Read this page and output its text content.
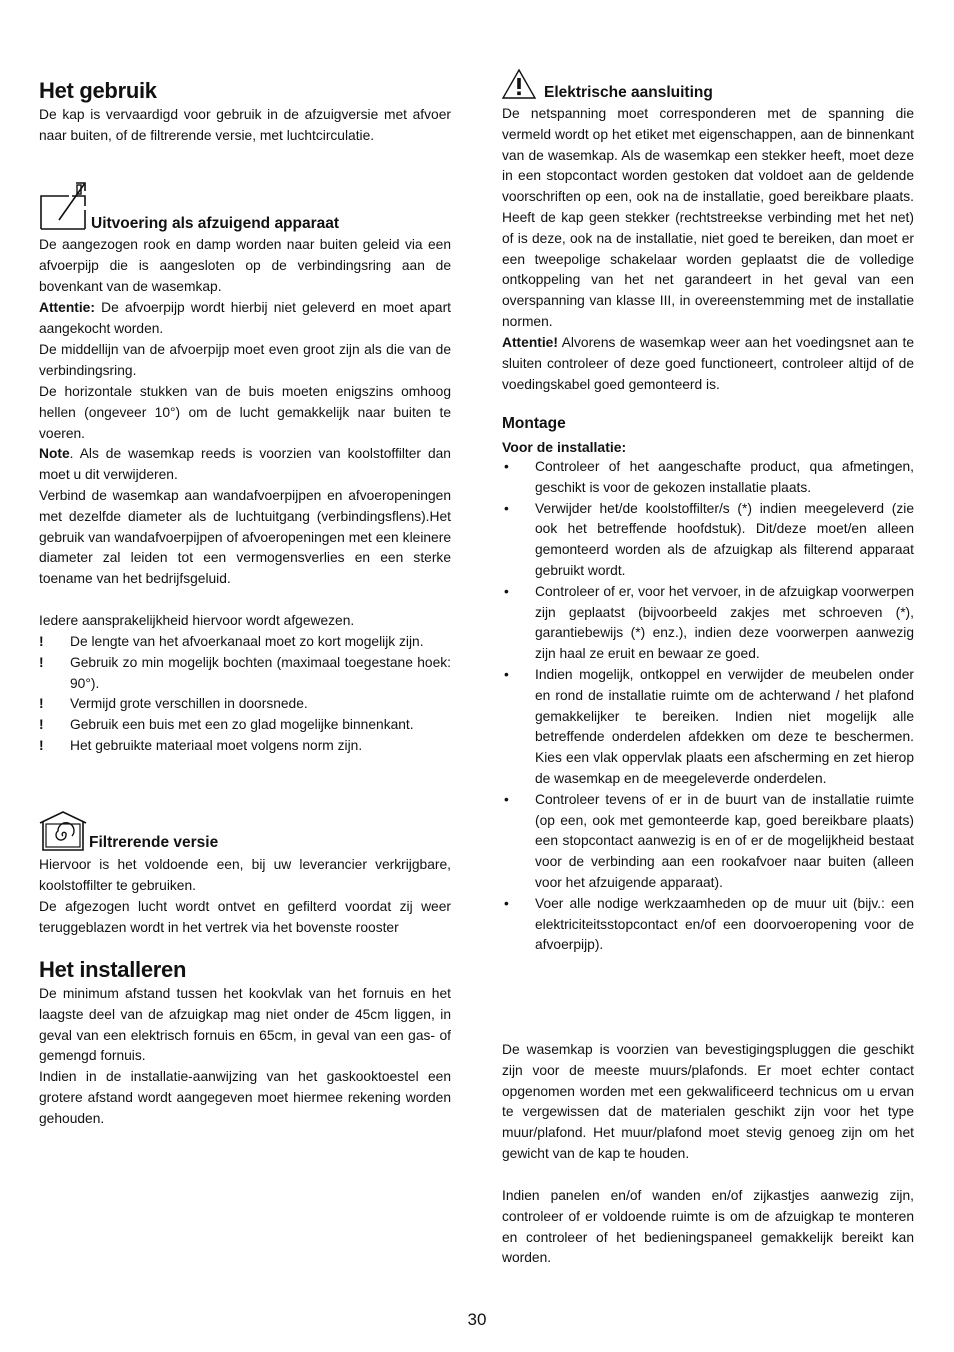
Het gebruik

De kap is vervaardigd voor gebruik in de afzuigversie met afvoer naar buiten, of de filtrerende versie, met luchtcirculatie.

Uitvoering als afzuigend apparaat

De aangezogen rook en damp worden naar buiten geleid via een afvoerpijp die is aangesloten op de verbindingsring aan de bovenkant van de wasemkap.

Attentie: De afvoerpijp wordt hierbij niet geleverd en moet apart aangekocht worden.

De middellijn van de afvoerpijp moet even groot zijn als die van de verbindingsring.

De horizontale stukken van de buis moeten enigszins omhoog hellen (ongeveer 10°) om de lucht gemakkelijk naar buiten te voeren.

Note. Als de wasemkap reeds is voorzien van koolstoffilter dan moet u dit verwijderen.

Verbind de wasemkap aan wandafvoerpijpen en afvoeropeningen met dezelfde diameter als de luchtuitgang (verbindingsflens).Het gebruik van wandafvoerpijpen of afvoeropeningen met een kleinere diameter zal leiden tot een vermogensverlies en een sterke toename van het bedrijfsgeluid.

Iedere aansprakelijkheid hiervoor wordt afgewezen.

!	De lengte van het afvoerkanaal moet zo kort mogelijk zijn.
!	Gebruik zo min mogelijk bochten (maximaal toegestane hoek: 90°).
!	Vermijd grote verschillen in doorsnede.
!	Gebruik een buis met een zo glad mogelijke binnenkant.
!	Het gebruikte materiaal moet volgens norm zijn.
Filtrerende versie

Hiervoor is het voldoende een, bij uw leverancier verkrijgbare, koolstoffilter te gebruiken.

De afgezogen lucht wordt ontvet en gefilterd voordat zij weer teruggeblazen wordt in het vertrek via het bovenste rooster

Het installeren

De minimum afstand tussen het kookvlak van het fornuis en het laagste deel van de afzuigkap mag niet onder de 45cm liggen, in geval van een elektrisch fornuis en 65cm, in geval van een gas- of gemengd fornuis.

Indien in de installatie-aanwijzing van het gaskooktoestel een grotere afstand wordt aangegeven moet hiermee rekening worden gehouden.

Elektrische aansluiting

De netspanning moet corresponderen met de spanning die vermeld wordt op het etiket met eigenschappen, aan de binnenkant van de wasemkap. Als de wasemkap een stekker heeft, moet deze in een stopcontact worden gestoken dat voldoet aan de geldende voorschriften op een, ook na de installatie, goed bereikbare plaats. Heeft de kap geen stekker (rechtstreekse verbinding met het net) of is deze, ook na de installatie, niet goed te bereiken, dan moet er een tweepolige schakelaar worden geplaatst die de volledige ontkoppeling van het net garandeert in het geval van een overspanning van klasse III, in overeenstemming met de installatie normen.

Attentie! Alvorens de wasemkap weer aan het voedingsnet aan te sluiten controleer of deze goed functioneert, controleer altijd of de voedingskabel goed gemonteerd is.

Montage
Voor de installatie:
•	Controleer of het aangeschafte product, qua afmetingen, geschikt is voor de gekozen installatie plaats.
•	Verwijder het/de koolstoffilter/s (*) indien meegeleverd (zie ook het betreffende hoofdstuk). Dit/deze moet/en alleen gemonteerd worden als de afzuigkap als filterend apparaat gebruikt wordt.
•	Controleer of er, voor het vervoer, in de afzuigkap voorwerpen zijn geplaatst (bijvoorbeeld zakjes met schroeven (*), garantiebewijs (*) enz.), indien deze voorwerpen aanwezig zijn haal ze eruit en bewaar ze goed.
•	Indien mogelijk, ontkoppel en verwijder de meubelen onder en rond de installatie ruimte om de achterwand / het plafond gemakkelijker te bereiken. Indien niet mogelijk alle betreffende onderdelen afdekken om deze te beschermen. Kies een vlak oppervlak plaats een afscherming en zet hierop de wasemkap en de meegeleverde onderdelen.
•	Controleer tevens of er in de buurt van de installatie ruimte (op een, ook met gemonteerde kap, goed bereikbare plaats) een stopcontact aanwezig is en of er de mogelijkheid bestaat voor de verbinding aan een rookafvoer naar buiten (alleen voor het afzuigende apparaat).
•	Voer alle nodige werkzaamheden op de muur uit (bijv.: een elektriciteitsstopcontact en/of een doorvoeropening voor de afvoerpijp).

De wasemkap is voorzien van bevestigingspluggen die geschikt zijn voor de meeste muurs/plafonds. Er moet echter contact opgenomen worden met een gekwalificeerd technicus om u ervan te vergewissen dat de materialen geschikt zijn voor het type muur/plafond. Het muur/plafond moet stevig genoeg zijn om het gewicht van de kap te houden.

Indien panelen en/of wanden en/of zijkastjes aanwezig zijn, controleer of er voldoende ruimte is om de afzuigkap te monteren en controleer of het bedieningspaneel gemakkelijk bereikt kan worden.

30
